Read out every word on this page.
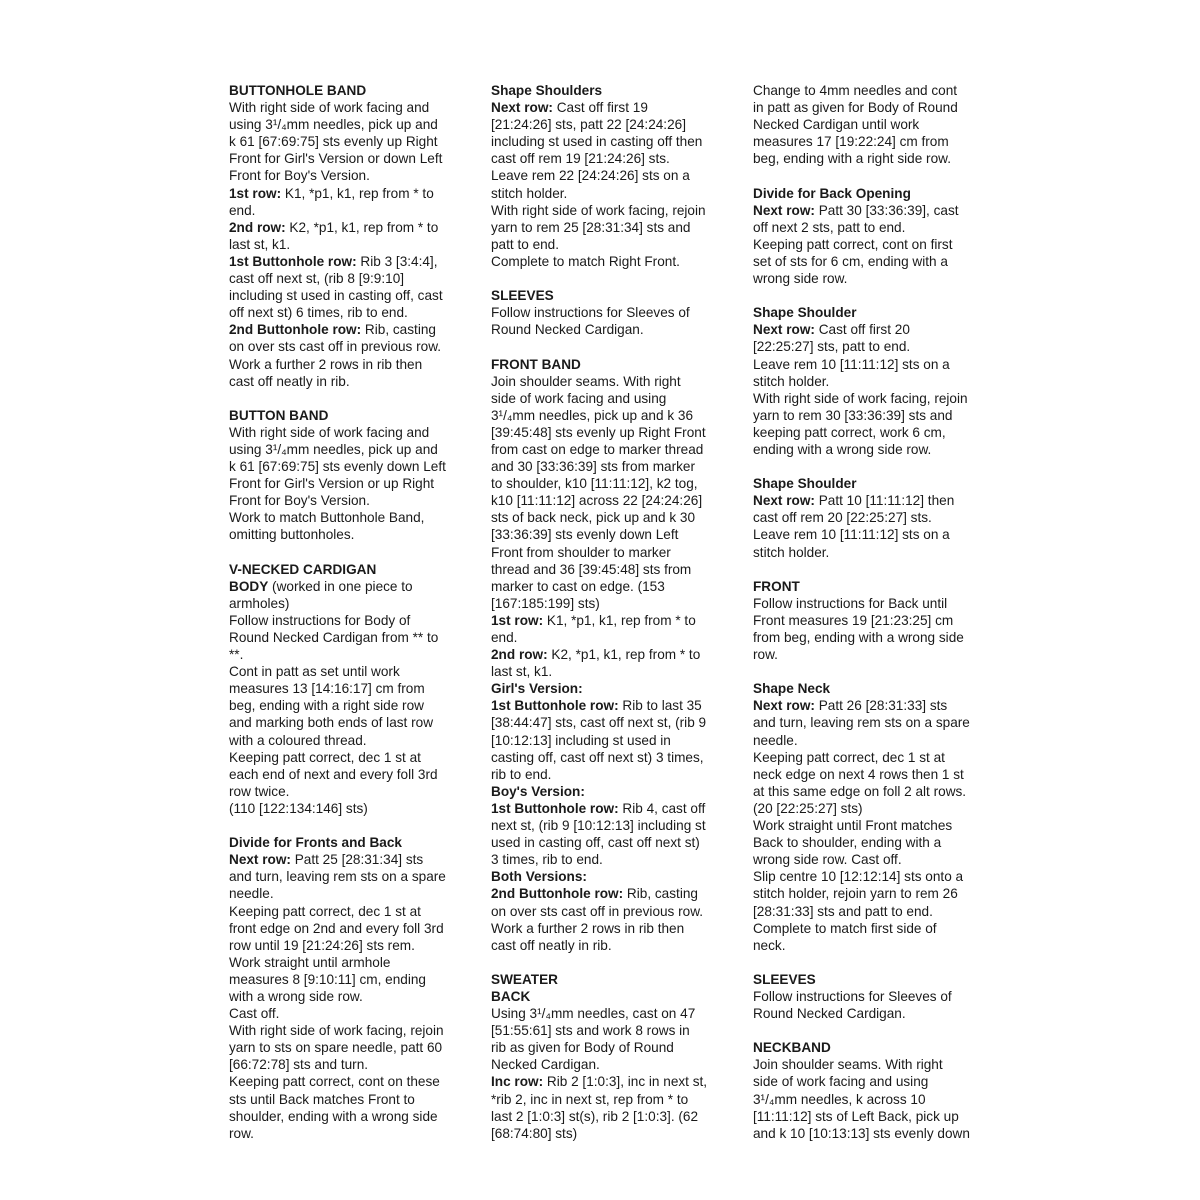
BUTTONHOLE BAND
With right side of work facing and
using 3¹/₄mm needles, pick up and
k 61 [67:69:75] sts evenly up Right
Front for Girl's Version or down Left
Front for Boy's Version.
1st row: K1, *p1, k1, rep from * to
end.
2nd row: K2, *p1, k1, rep from * to
last st, k1.
1st Buttonhole row: Rib 3 [3:4:4],
cast off next st, (rib 8 [9:9:10]
including st used in casting off, cast
off next st) 6 times, rib to end.
2nd Buttonhole row: Rib, casting
on over sts cast off in previous row.
Work a further 2 rows in rib then
cast off neatly in rib.
BUTTON BAND
With right side of work facing and
using 3¹/₄mm needles, pick up and
k 61 [67:69:75] sts evenly down Left
Front for Girl's Version or up Right
Front for Boy's Version.
Work to match Buttonhole Band,
omitting buttonholes.
V-NECKED CARDIGAN
BODY (worked in one piece to
armholes)
Follow instructions for Body of
Round Necked Cardigan from ** to
**.
Cont in patt as set until work
measures 13 [14:16:17] cm from
beg, ending with a right side row
and marking both ends of last row
with a coloured thread.
Keeping patt correct, dec 1 st at
each end of next and every foll 3rd
row twice.
(110 [122:134:146] sts)
Divide for Fronts and Back
Next row: Patt 25 [28:31:34] sts
and turn, leaving rem sts on a spare
needle.
Keeping patt correct, dec 1 st at
front edge on 2nd and every foll 3rd
row until 19 [21:24:26] sts rem.
Work straight until armhole
measures 8 [9:10:11] cm, ending
with a wrong side row.
Cast off.
With right side of work facing, rejoin
yarn to sts on spare needle, patt 60
[66:72:78] sts and turn.
Keeping patt correct, cont on these
sts until Back matches Front to
shoulder, ending with a wrong side
row.
Shape Shoulders
Next row: Cast off first 19
[21:24:26] sts, patt 22 [24:24:26]
including st used in casting off then
cast off rem 19 [21:24:26] sts.
Leave rem 22 [24:24:26] sts on a
stitch holder.
With right side of work facing, rejoin
yarn to rem 25 [28:31:34] sts and
patt to end.
Complete to match Right Front.
SLEEVES
Follow instructions for Sleeves of
Round Necked Cardigan.
FRONT BAND
Join shoulder seams. With right
side of work facing and using
3¹/₄mm needles, pick up and k 36
[39:45:48] sts evenly up Right Front
from cast on edge to marker thread
and 30 [33:36:39] sts from marker
to shoulder, k10 [11:11:12], k2 tog,
k10 [11:11:12] across 22 [24:24:26]
sts of back neck, pick up and k 30
[33:36:39] sts evenly down Left
Front from shoulder to marker
thread and 36 [39:45:48] sts from
marker to cast on edge. (153
[167:185:199] sts)
1st row: K1, *p1, k1, rep from * to
end.
2nd row: K2, *p1, k1, rep from * to
last st, k1.
Girl's Version:
1st Buttonhole row: Rib to last 35
[38:44:47] sts, cast off next st, (rib 9
[10:12:13] including st used in
casting off, cast off next st) 3 times,
rib to end.
Boy's Version:
1st Buttonhole row: Rib 4, cast off
next st, (rib 9 [10:12:13] including st
used in casting off, cast off next st)
3 times, rib to end.
Both Versions:
2nd Buttonhole row: Rib, casting
on over sts cast off in previous row.
Work a further 2 rows in rib then
cast off neatly in rib.
SWEATER
BACK
Using 3¹/₄mm needles, cast on 47
[51:55:61] sts and work 8 rows in
rib as given for Body of Round
Necked Cardigan.
Inc row: Rib 2 [1:0:3], inc in next st,
*rib 2, inc in next st, rep from * to
last 2 [1:0:3] st(s), rib 2 [1:0:3]. (62
[68:74:80] sts)
Change to 4mm needles and cont
in patt as given for Body of Round
Necked Cardigan until work
measures 17 [19:22:24] cm from
beg, ending with a right side row.
Divide for Back Opening
Next row: Patt 30 [33:36:39], cast
off next 2 sts, patt to end.
Keeping patt correct, cont on first
set of sts for 6 cm, ending with a
wrong side row.
Shape Shoulder
Next row: Cast off first 20
[22:25:27] sts, patt to end.
Leave rem 10 [11:11:12] sts on a
stitch holder.
With right side of work facing, rejoin
yarn to rem 30 [33:36:39] sts and
keeping patt correct, work 6 cm,
ending with a wrong side row.
Shape Shoulder
Next row: Patt 10 [11:11:12] then
cast off rem 20 [22:25:27] sts.
Leave rem 10 [11:11:12] sts on a
stitch holder.
FRONT
Follow instructions for Back until
Front measures 19 [21:23:25] cm
from beg, ending with a wrong side
row.
Shape Neck
Next row: Patt 26 [28:31:33] sts
and turn, leaving rem sts on a spare
needle.
Keeping patt correct, dec 1 st at
neck edge on next 4 rows then 1 st
at this same edge on foll 2 alt rows.
(20 [22:25:27] sts)
Work straight until Front matches
Back to shoulder, ending with a
wrong side row. Cast off.
Slip centre 10 [12:12:14] sts onto a
stitch holder, rejoin yarn to rem 26
[28:31:33] sts and patt to end.
Complete to match first side of
neck.
SLEEVES
Follow instructions for Sleeves of
Round Necked Cardigan.
NECKBAND
Join shoulder seams. With right
side of work facing and using
3¹/₄mm needles, k across 10
[11:11:12] sts of Left Back, pick up
and k 10 [10:13:13] sts evenly down
